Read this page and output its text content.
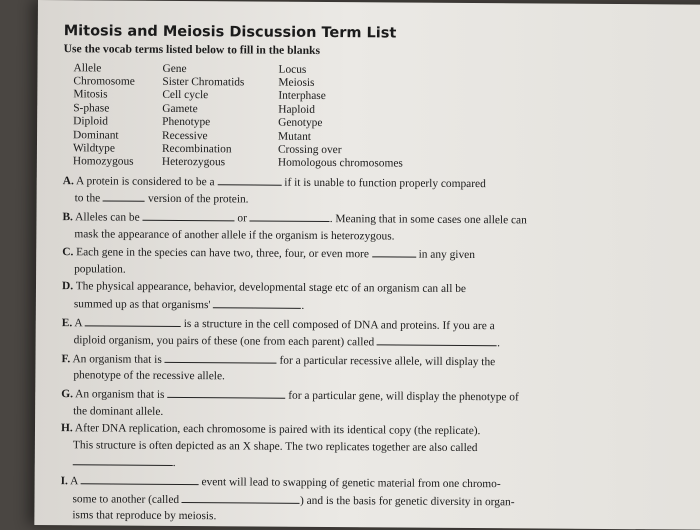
Mitosis and Meiosis Discussion Term List
Use the vocab terms listed below to fill in the blanks
Allele	Gene	Locus
Chromosome	Sister Chromatids	Meiosis
Mitosis	Cell cycle	Interphase
S-phase	Gamete	Haploid
Diploid	Phenotype	Genotype
Dominant	Recessive	Mutant
Wildtype	Recombination	Crossing over
Homozygous	Heterozygous	Homologous chromosomes
A. A protein is considered to be a	if it is unable to function properly compared
to the	version of the protein.
B. Alleles can be	or	. Meaning that in some cases one allele can
mask the appearance of another allele if the organism is heterozygous.
C. Each gene in the species can have two, three, four, or even more	in any given
population.
D. The physical appearance, behavior, developmental stage etc of an organism can all be
summed up as that organisms'	.
E. A	is a structure in the cell composed of DNA and proteins. If you are a
diploid organism, you pairs of these (one from each parent) called	.
F. An organism that is	for a particular recessive allele, will display the
phenotype of the recessive allele.
G. An organism that is	for a particular gene, will display the phenotype of
the dominant allele.
H. After DNA replication, each chromosome is paired with its identical copy (the replicate).
This structure is often depicted as an X shape. The two replicates together are also called
.
I. A	event will lead to swapping of genetic material from one chromo-
some to another (called	) and is the basis for genetic diversity in organ-
isms that reproduce by meiosis.
